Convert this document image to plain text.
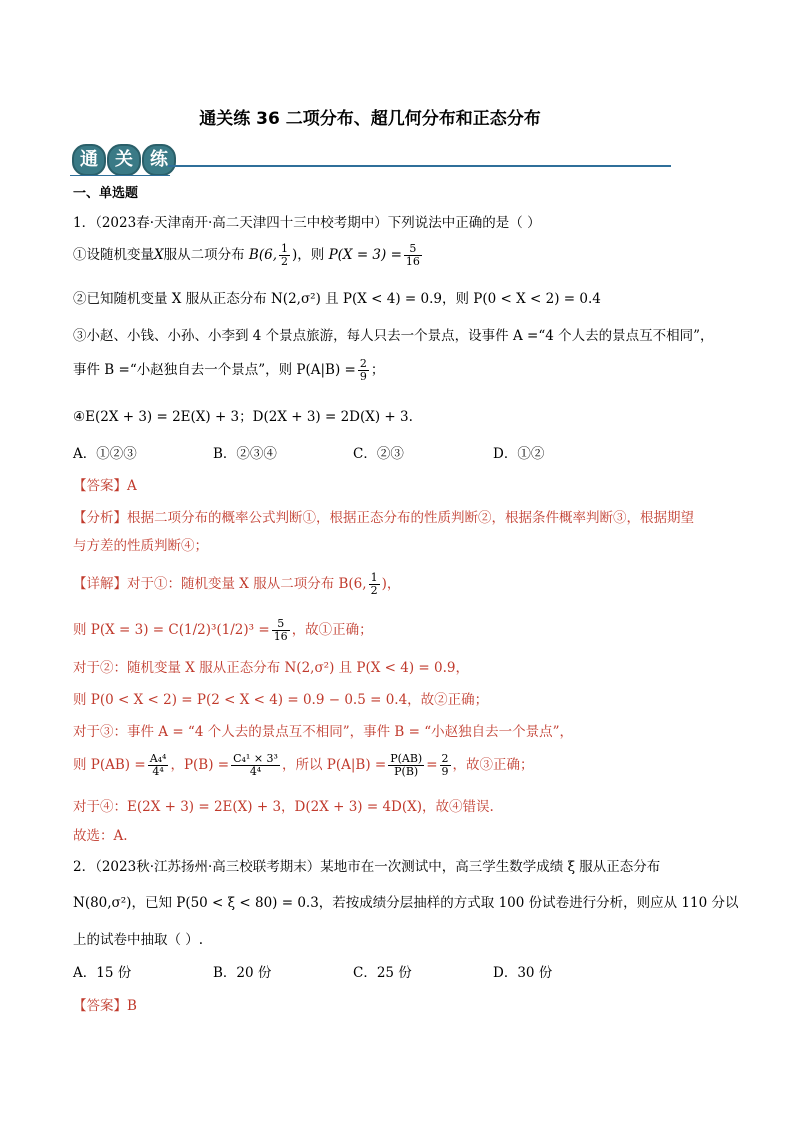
通关练 36 二项分布、超几何分布和正态分布
通 关 练
一、单选题
1．（2023春·天津南开·高二天津四十三中校考期中）下列说法中正确的是（ ）
①设随机变量X服从二项分布 B(6, $\frac{1}{2}$ )，则 $P(X = 3) = \frac{5}{16}$
②已知随机变量 X 服从正态分布 N(2,σ²) 且 P(X < 4) = 0.9，则 P(0 < X < 2) = 0.4
③小赵、小钱、小孙、小李到 4 个景点旅游，每人只去一个景点，设事件 A =“4 个人去的景点互不相同”，
事件 B =“小赵独自去一个景点”，则 $P(A|B) = \frac{2}{9}$ ；
④E(2X + 3) = 2E(X) + 3；D(2X + 3) = 2D(X) + 3.
A．①②③	B．②③④	C．②③	D．①②
【答案】A
【分析】根据二项分布的概率公式判断①，根据正态分布的性质判断②，根据条件概率判断③，根据期望
与方差的性质判断④；
【详解】对于①：随机变量 X 服从二项分布 B(6, $\frac{1}{2}$ )，
则 $P(X = 3) = C(1/2)^3(1/2)^3 = \frac{5}{16}$ ，故①正确；
对于②：随机变量 X 服从正态分布 N(2,σ²) 且 P(X < 4) = 0.9，
则 P(0 < X < 2) = P(2 < X < 4) = 0.9 − 0.5 = 0.4，故②正确；
对于③：事件 A = “4 个人去的景点互不相同”，事件 B = “小赵独自去一个景点”，
则 $P(AB) = \frac{\text{A₄⁴}}{\text{4⁴}}$ ，$P(B) = \frac{\text{C₄¹ × 3³}}{\text{4⁴}}$ ，所以 $P(A|B) = \frac{P(AB)}{P(B)} = \frac{2}{9}$ ，故③正确；
对于④：E(2X + 3) = 2E(X) + 3，D(2X + 3) = 4D(X)，故④错误.
故选：A.
2．（2023秋·江苏扬州·高三校联考期末）某地市在一次测试中，高三学生数学成绩 ξ 服从正态分布
N(80,σ²)，已知 P(50 < ξ < 80) = 0.3，若按成绩分层抽样的方式取 100 份试卷进行分析，则应从 110 分以
上的试卷中抽取（ ）.
A．15 份	B．20 份	C．25 份	D．30 份
【答案】B
